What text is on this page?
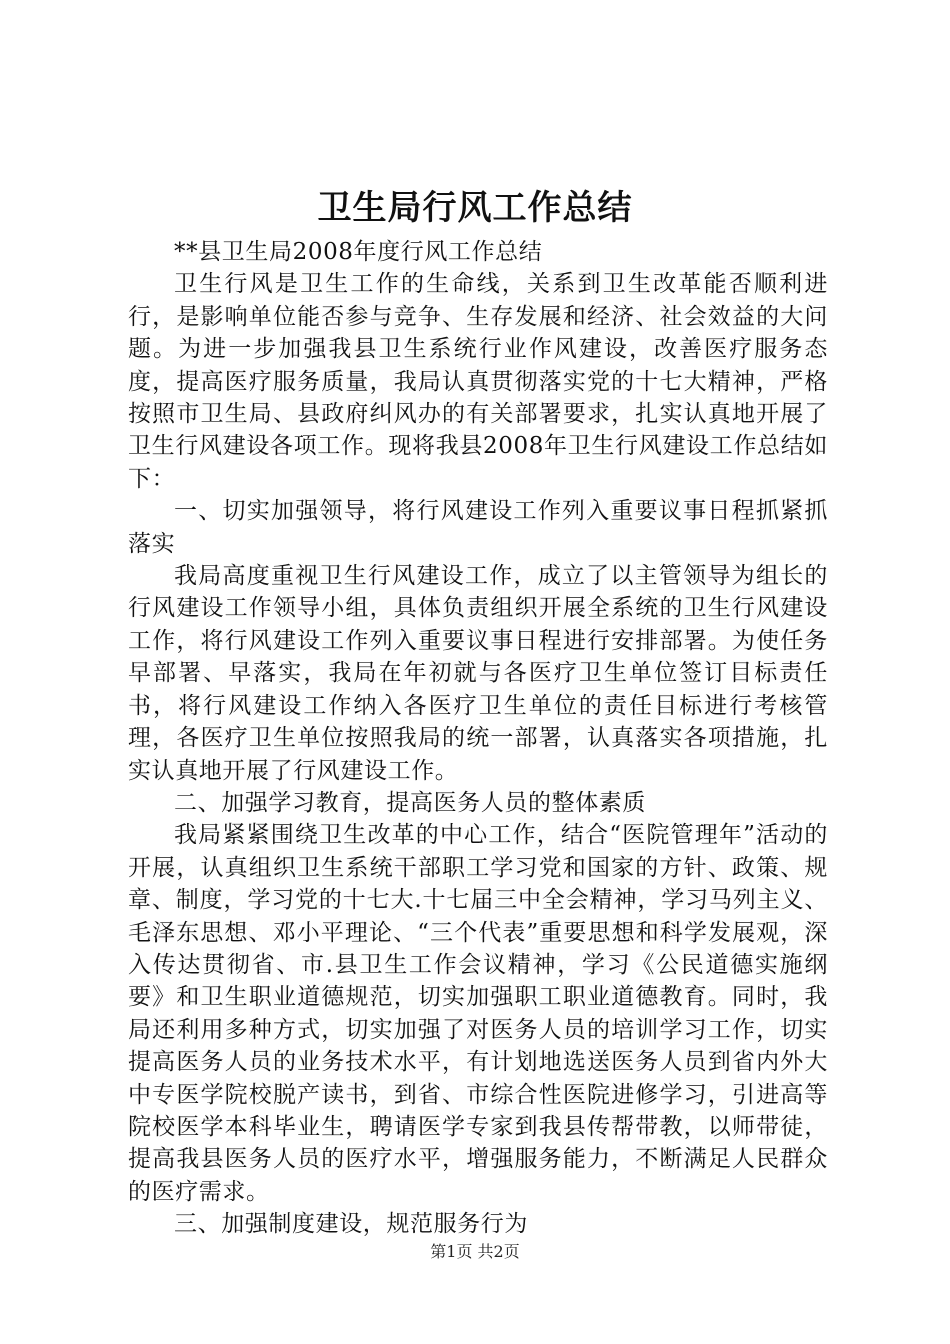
卫生局行风工作总结

**县卫生局2008年度行风工作总结

卫生行风是卫生工作的生命线，关系到卫生改革能否顺利进行，是影响单位能否参与竞争、生存发展和经济、社会效益的大问题。为进一步加强我县卫生系统行业作风建设，改善医疗服务态度，提高医疗服务质量，我局认真贯彻落实党的十七大精神，严格按照市卫生局、县政府纠风办的有关部署要求，扎实认真地开展了卫生行风建设各项工作。现将我县2008年卫生行风建设工作总结如下：

一、切实加强领导，将行风建设工作列入重要议事日程抓紧抓落实

我局高度重视卫生行风建设工作，成立了以主管领导为组长的行风建设工作领导小组，具体负责组织开展全系统的卫生行风建设工作，将行风建设工作列入重要议事日程进行安排部署。为使任务早部署、早落实，我局在年初就与各医疗卫生单位签订目标责任书，将行风建设工作纳入各医疗卫生单位的责任目标进行考核管理，各医疗卫生单位按照我局的统一部署，认真落实各项措施，扎实认真地开展了行风建设工作。

二、加强学习教育，提高医务人员的整体素质

我局紧紧围绕卫生改革的中心工作，结合“医院管理年”活动的开展，认真组织卫生系统干部职工学习党和国家的方针、政策、规章、制度，学习党的十七大.十七届三中全会精神，学习马列主义、毛泽东思想、邓小平理论、“三个代表”重要思想和科学发展观，深入传达贯彻省、市.县卫生工作会议精神，学习《公民道德实施纲要》和卫生职业道德规范，切实加强职工职业道德教育。同时，我局还利用多种方式，切实加强了对医务人员的培训学习工作，切实提高医务人员的业务技术水平，有计划地选送医务人员到省内外大中专医学院校脱产读书，到省、市综合性医院进修学习，引进高等院校医学本科毕业生，聘请医学专家到我县传帮带教，以师带徒，提高我县医务人员的医疗水平，增强服务能力，不断满足人民群众的医疗需求。

三、加强制度建设，规范服务行为

第1页 共2页
